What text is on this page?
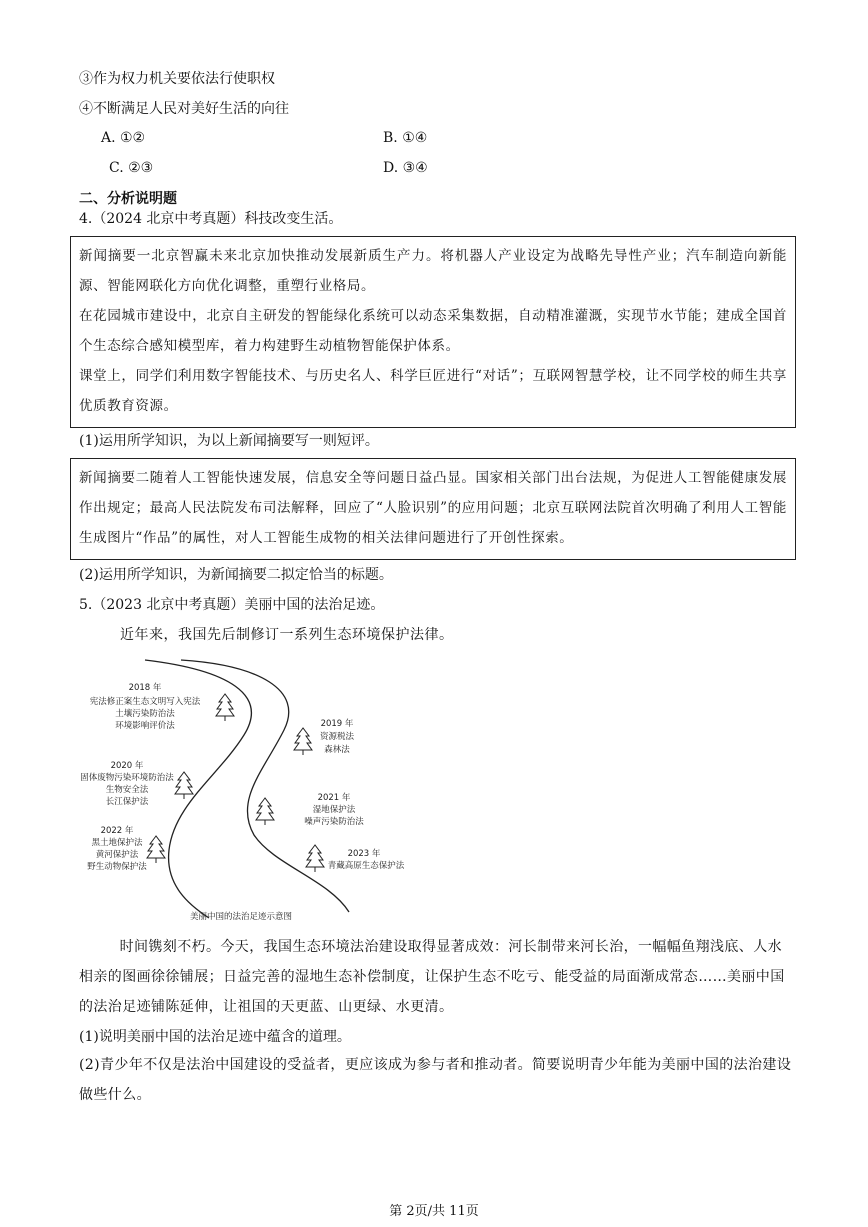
③作为权力机关要依法行使职权
④不断满足人民对美好生活的向往
A. ①②	B. ①④
C. ②③	D. ③④
二、分析说明题
4.（2024 北京中考真题）科技改变生活。

新闻摘要一北京智赢未来北京加快推动发展新质生产力。将机器人产业设定为战略先导性产业；汽车制造向新能源、智能网联化方向优化调整，重塑行业格局。

在花园城市建设中，北京自主研发的智能绿化系统可以动态采集数据，自动精准灌溉，实现节水节能；建成全国首个生态综合感知模型库，着力构建野生动植物智能保护体系。

课堂上，同学们利用数字智能技术、与历史名人、科学巨匠进行“对话”；互联网智慧学校，让不同学校的师生共享优质教育资源。

(1)运用所学知识，为以上新闻摘要写一则短评。

新闻摘要二随着人工智能快速发展，信息安全等问题日益凸显。国家相关部门出台法规，为促进人工智能健康发展作出规定；最高人民法院发布司法解释，回应了“人脸识别”的应用问题；北京互联网法院首次明确了利用人工智能生成图片“作品”的属性，对人工智能生成物的相关法律问题进行了开创性探索。

(2)运用所学知识，为新闻摘要二拟定恰当的标题。
5.（2023 北京中考真题）美丽中国的法治足迹。
近年来，我国先后制修订一系列生态环境保护法律。
2018 年
宪法修正案生态文明写入宪法
土壤污染防治法
环境影响评价法	2019 年
资源税法
森林法
2020 年
固体废物污染环境防治法
生物安全法
长江保护法	2021 年
湿地保护法
噪声污染防治法
2022 年
黑土地保护法
黄河保护法
野生动物保护法
2023 年
青藏高原生态保护法
美丽中国的法治足迹示意图

时间镌刻不朽。今天，我国生态环境法治建设取得显著成效：河长制带来河长治，一幅幅鱼翔浅底、人水相亲的图画徐徐铺展；日益完善的湿地生态补偿制度，让保护生态不吃亏、能受益的局面渐成常态……美丽中国的法治足迹铺陈延伸，让祖国的天更蓝、山更绿、水更清。

(1)说明美丽中国的法治足迹中蕴含的道理。

(2)青少年不仅是法治中国建设的受益者，更应该成为参与者和推动者。简要说明青少年能为美丽中国的法治建设做些什么。

第 2页/共 11页
